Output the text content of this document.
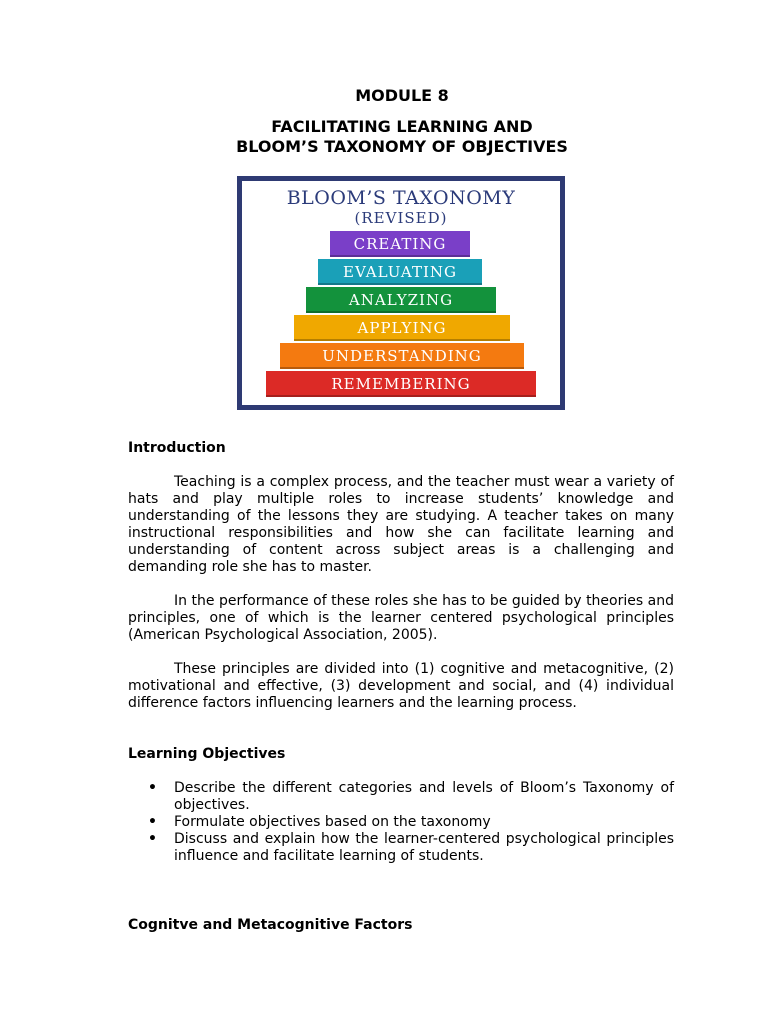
MODULE 8
FACILITATING LEARNING AND
BLOOM’S TAXONOMY OF OBJECTIVES
BLOOM’S TAXONOMY
(REVISED)
CREATING
EVALUATING
ANALYZING
APPLYING
UNDERSTANDING
REMEMBERING
Introduction
Teaching is a complex process, and the teacher must wear a variety of hats and play multiple roles to increase students’ knowledge and understanding of the lessons they are studying. A teacher takes on many instructional responsibilities and how she can facilitate learning and understanding of content across subject areas is a challenging and demanding role she has to master.
In the performance of these roles she has to be guided by theories and principles, one of which is the learner centered psychological principles (American Psychological Association, 2005).
These principles are divided into (1) cognitive and metacognitive, (2) motivational and effective, (3) development and social, and (4) individual difference factors influencing learners and the learning process.
Learning Objectives
• Describe the different categories and levels of Bloom’s Taxonomy of objectives.
• Formulate objectives based on the taxonomy
• Discuss and explain how the learner-centered psychological principles influence and facilitate learning of students.
Cognitve and Metacognitive Factors
